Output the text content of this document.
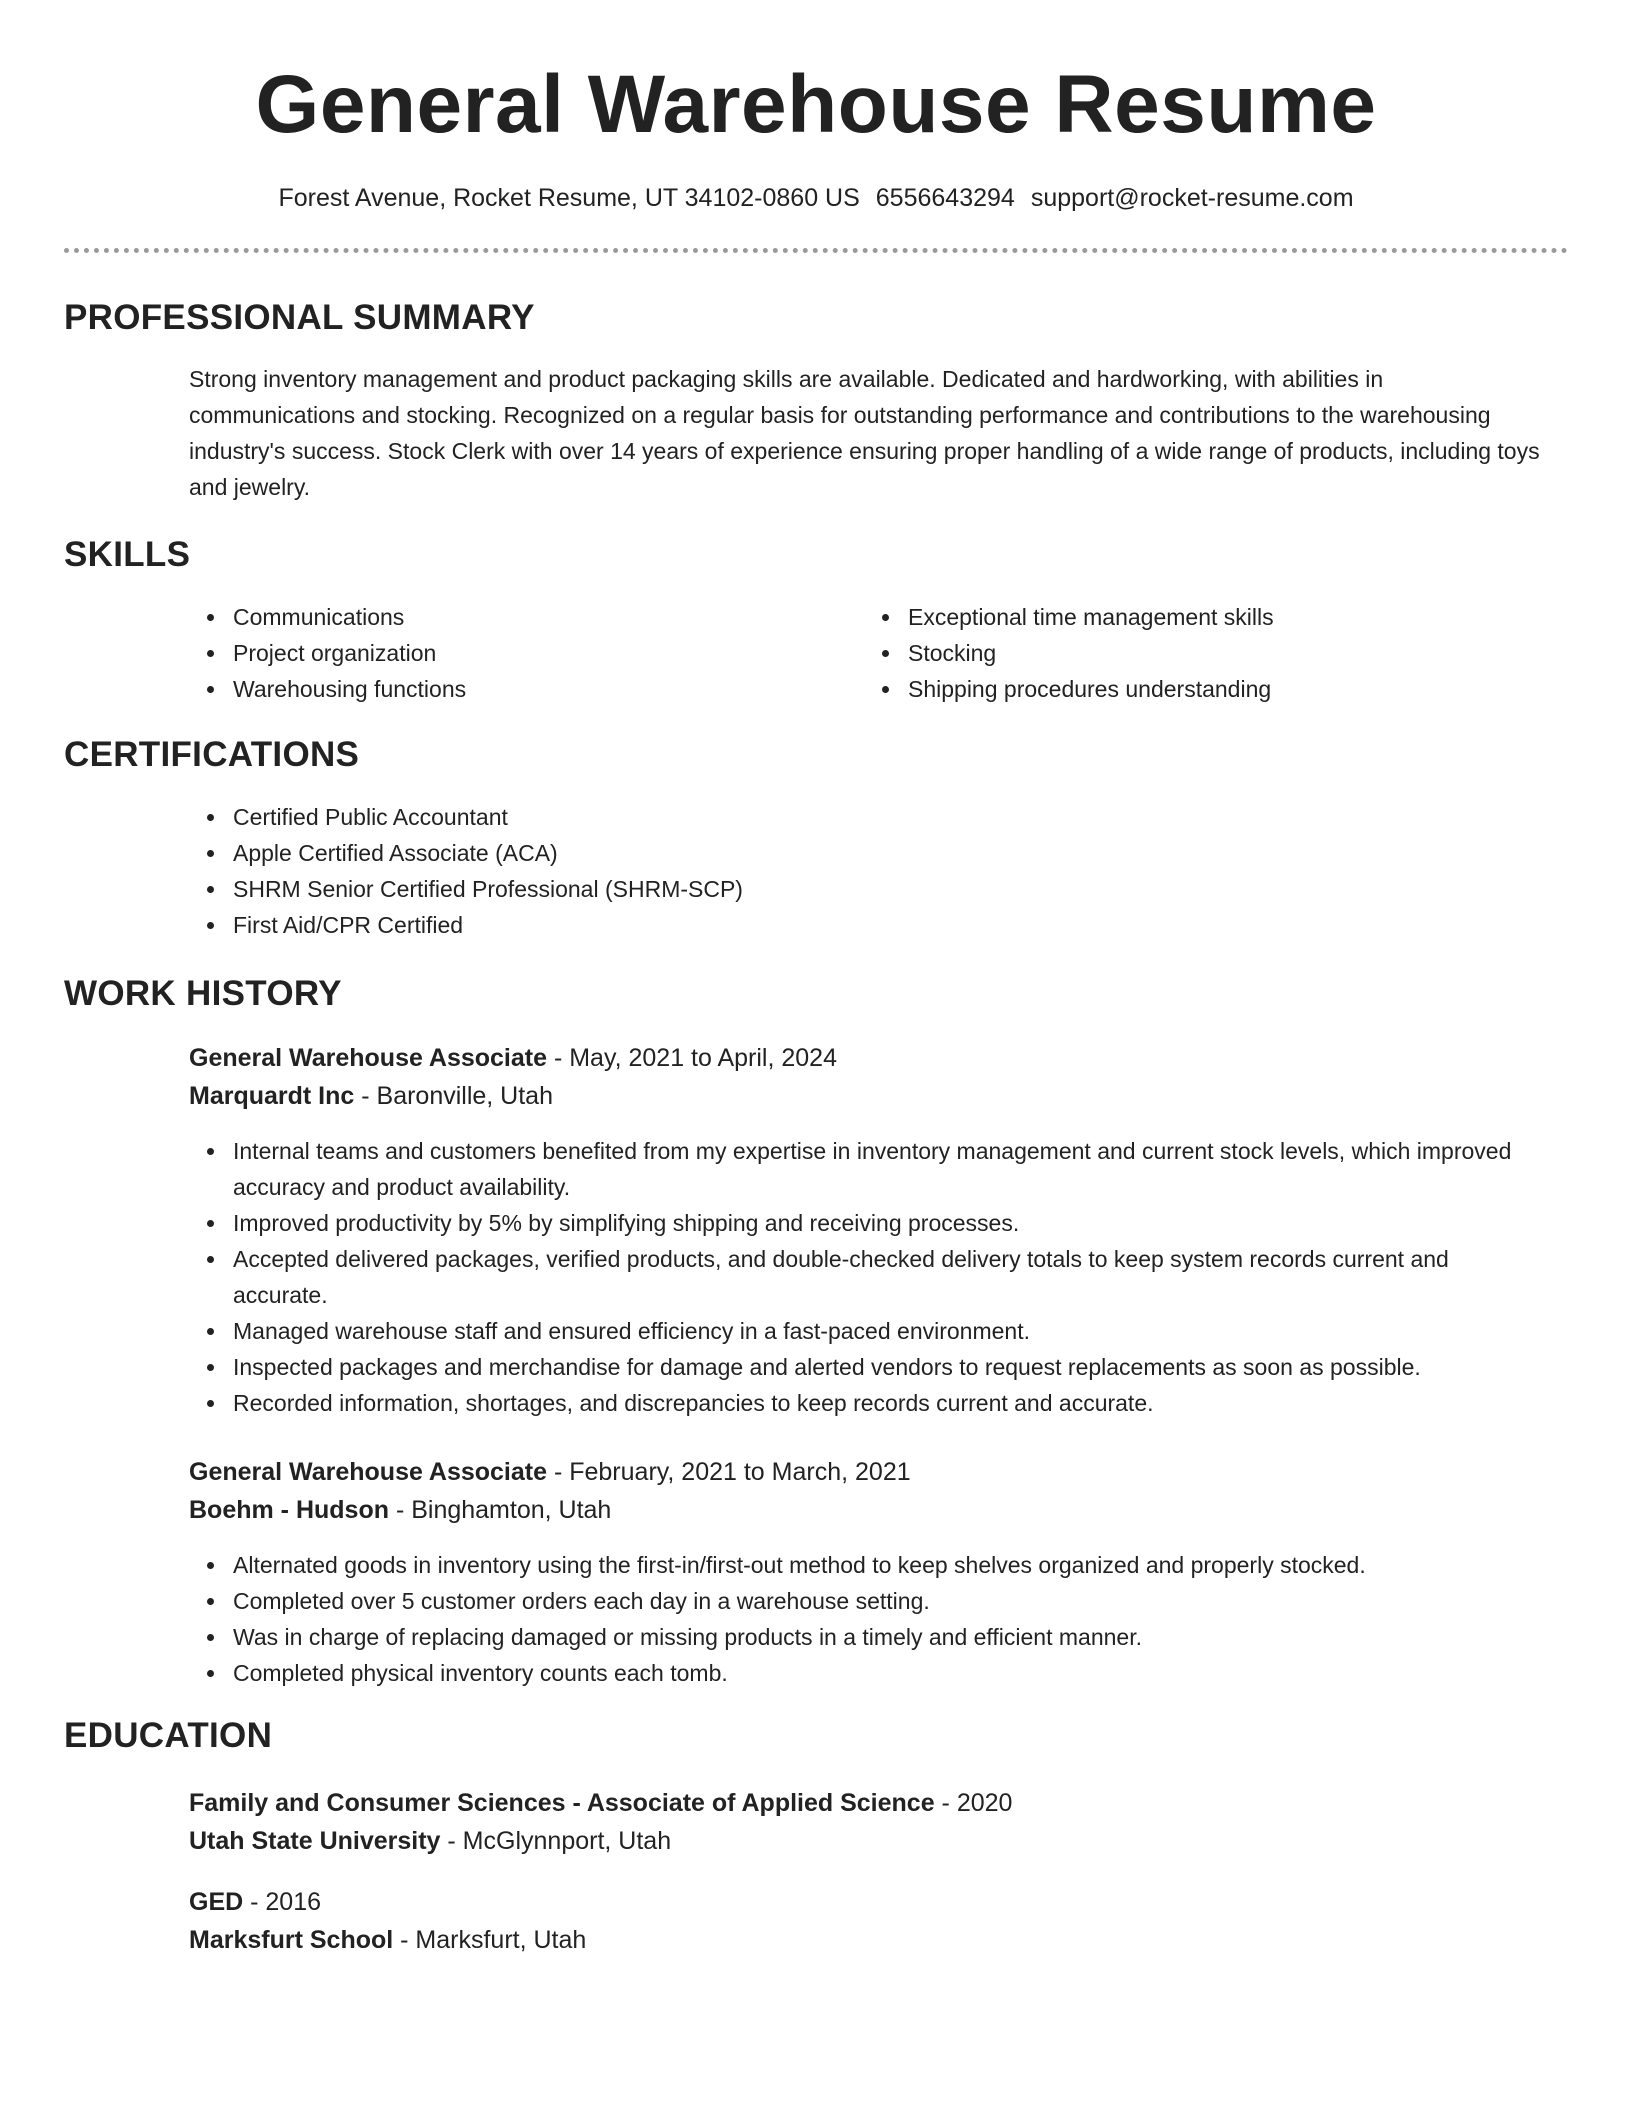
General Warehouse Resume
Forest Avenue, Rocket Resume, UT 34102-0860 US 6556643294 support@rocket-resume.com
PROFESSIONAL SUMMARY

Strong inventory management and product packaging skills are available. Dedicated and hardworking, with abilities in communications and stocking. Recognized on a regular basis for outstanding performance and contributions to the warehousing industry's success. Stock Clerk with over 14 years of experience ensuring proper handling of a wide range of products, including toys and jewelry.

SKILLS
Communications
Project organization
Warehousing functions
Exceptional time management skills
Stocking
Shipping procedures understanding
CERTIFICATIONS
Certified Public Accountant
Apple Certified Associate (ACA)
SHRM Senior Certified Professional (SHRM-SCP)
First Aid/CPR Certified
WORK HISTORY
General Warehouse Associate - May, 2021 to April, 2024
Marquardt Inc - Baronville, Utah
Internal teams and customers benefited from my expertise in inventory management and current stock levels, which improved accuracy and product availability.
Improved productivity by 5% by simplifying shipping and receiving processes.
Accepted delivered packages, verified products, and double-checked delivery totals to keep system records current and accurate.
Managed warehouse staff and ensured efficiency in a fast-paced environment.
Inspected packages and merchandise for damage and alerted vendors to request replacements as soon as possible.
Recorded information, shortages, and discrepancies to keep records current and accurate.
General Warehouse Associate - February, 2021 to March, 2021
Boehm - Hudson - Binghamton, Utah
Alternated goods in inventory using the first-in/first-out method to keep shelves organized and properly stocked.
Completed over 5 customer orders each day in a warehouse setting.
Was in charge of replacing damaged or missing products in a timely and efficient manner.
Completed physical inventory counts each tomb.
EDUCATION
Family and Consumer Sciences - Associate of Applied Science - 2020
Utah State University - McGlynnport, Utah
GED - 2016
Marksfurt School - Marksfurt, Utah
